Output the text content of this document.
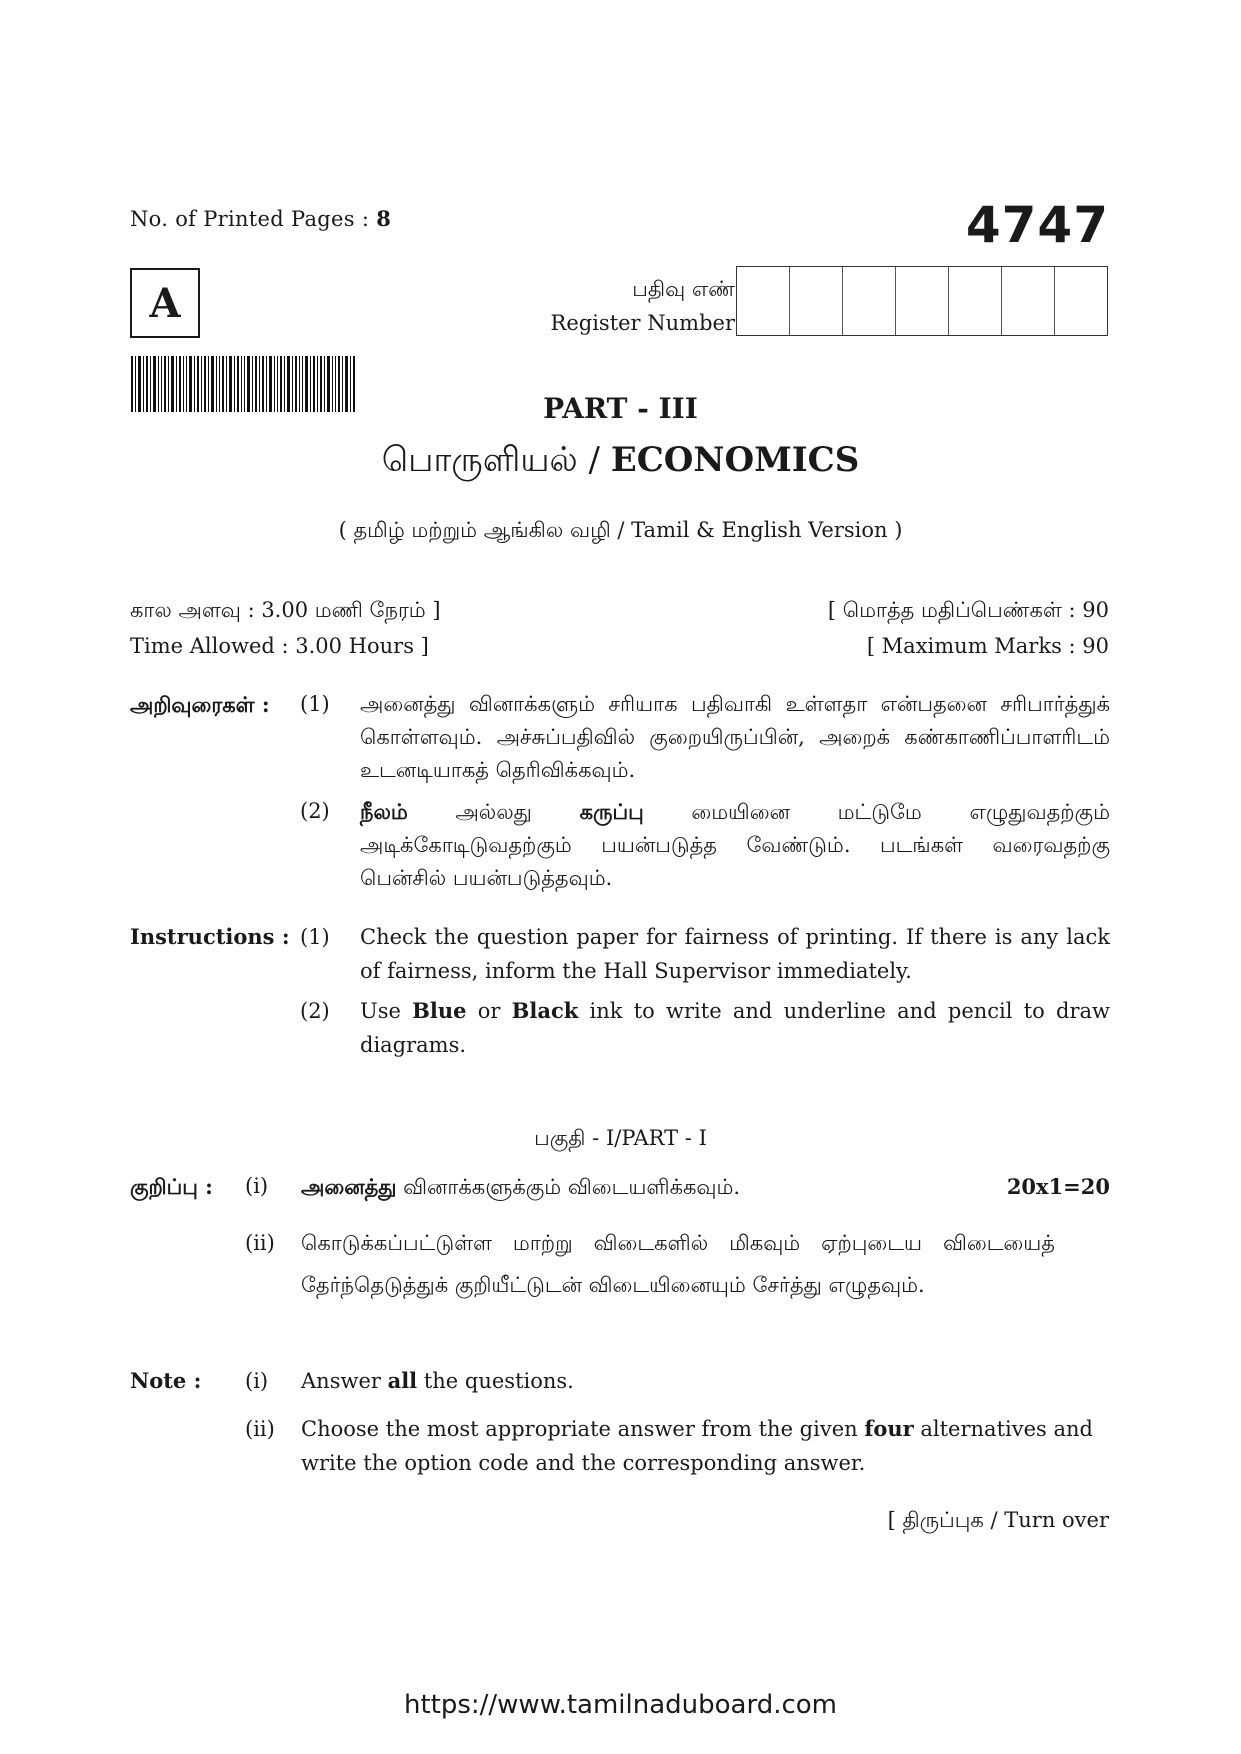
No. of Printed Pages : 8	4747
A	பதிவு எண்
Register Number
PART - III
பொருளியல் / ECONOMICS
( தமிழ் மற்றும் ஆங்கில வழி / Tamil & English Version )
கால அளவு : 3.00 மணி நேரம் ]
Time Allowed : 3.00 Hours ]
[ மொத்த மதிப்பெண்கள் : 90
[ Maximum Marks : 90
அறிவுரைகள் :	(1)	அனைத்து வினாக்களும் சரியாக பதிவாகி உள்ளதா என்பதனை சரிபார்த்துக் கொள்ளவும். அச்சுப்பதிவில் குறையிருப்பின், அறைக் கண்காணிப்பாளரிடம் உடனடியாகத் தெரிவிக்கவும்.
(2)	நீலம் அல்லது கருப்பு மையினை மட்டுமே எழுதுவதற்கும் அடிக்கோடிடுவதற்கும் பயன்படுத்த வேண்டும். படங்கள் வரைவதற்கு பென்சில் பயன்படுத்தவும்.
Instructions : (1)	Check the question paper for fairness of printing. If there is any lack of fairness, inform the Hall Supervisor immediately.
(2)	Use Blue or Black ink to write and underline and pencil to draw diagrams.
பகுதி - I/PART - I
குறிப்பு :	(i)	அனைத்து வினாக்களுக்கும் விடையளிக்கவும்.	20x1=20
(ii)	கொடுக்கப்பட்டுள்ள மாற்று விடைகளில் மிகவும் ஏற்புடைய விடையைத் தேர்ந்தெடுத்துக் குறியீட்டுடன் விடையினையும் சேர்த்து எழுதவும்.
Note :	(i)	Answer all the questions.
(ii)	Choose the most appropriate answer from the given four alternatives and write the option code and the corresponding answer.
[ திருப்புக / Turn over
https://www.tamilnaduboard.com
